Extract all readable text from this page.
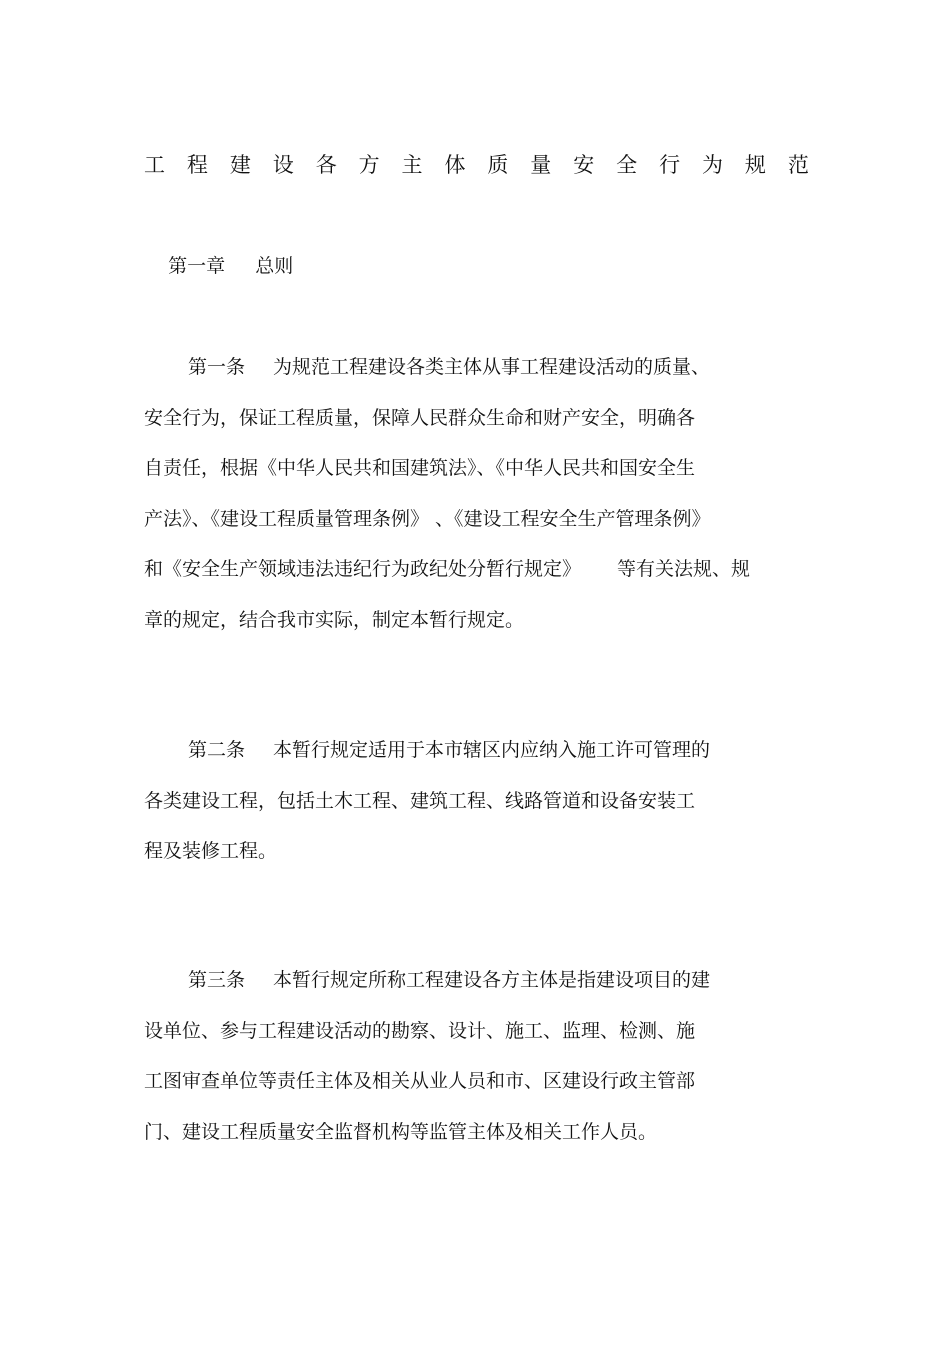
工 程 建 设 各 方 主 体 质 量 安 全 行 为 规 范

第一章 总则

第一条 为规范工程建设各类主体从事工程建设活动的质量、
安全行为，保证工程质量，保障人民群众生命和财产安全，明确各
自责任，根据《中华人民共和国建筑法》、《中华人民共和国安全生
产法》、《建设工程质量管理条例》 、《建设工程安全生产管理条例》
和《安全生产领域违法违纪行为政纪处分暂行规定》 等有关法规、规
章的规定，结合我市实际，制定本暂行规定。
第二条 本暂行规定适用于本市辖区内应纳入施工许可管理的
各类建设工程，包括土木工程、建筑工程、线路管道和设备安装工
程及装修工程。
第三条 本暂行规定所称工程建设各方主体是指建设项目的建
设单位、参与工程建设活动的勘察、设计、施工、监理、检测、施
工图审查单位等责任主体及相关从业人员和市、区建设行政主管部
门、建设工程质量安全监督机构等监管主体及相关工作人员。
